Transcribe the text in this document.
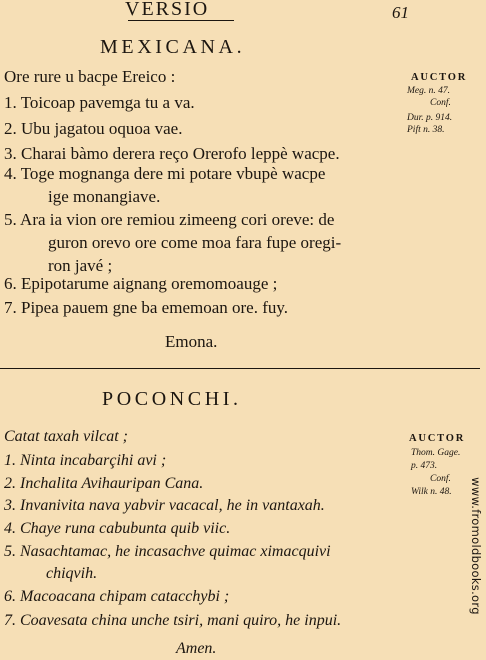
VERSIO	61
MEXICANA.
Ore rure u bacpe Ereico :
1. Toicoap pavemga tu a va.
2. Ubu jagatou oquoa vae.
3. Charai bàmo derera reço Orerofo leppè wacpe.
4. Toge mognanga dere mi potare vbupè wacpe
ige monangiave.
5. Ara ia vion ore remiou zimeeng cori oreve: de
guron orevo ore come moa fara fupe oregi-
ron javé ;
6. Epipotarume aignang oremomoauge ;
7. Pipea pauem gne ba ememoan ore. fuy.
Emona.
AUCTOR
Meg. n. 47.
Conf.
Dur. p. 914.
Pift n. 38.
POCONCHI.
Catat taxah vilcat ;
1. Ninta incabarçihi avi ;
2. Inchalita Avihauripan Cana.
3. Invanivita nava yabvir vacacal, he in vantaxah.
4. Chaye runa cabubunta quib viic.
5. Nasachtamac, he incasachve quimac ximacquivi
chiqvih.
6. Macoacana chipam catacchybi ;
7. Coavesata china unche tsiri, mani quiro, he inpui.
Amen.
AUCTOR
Thom. Gage.
p. 473.
Conf.
Wilk n. 48. www.fromoldbooks.org
